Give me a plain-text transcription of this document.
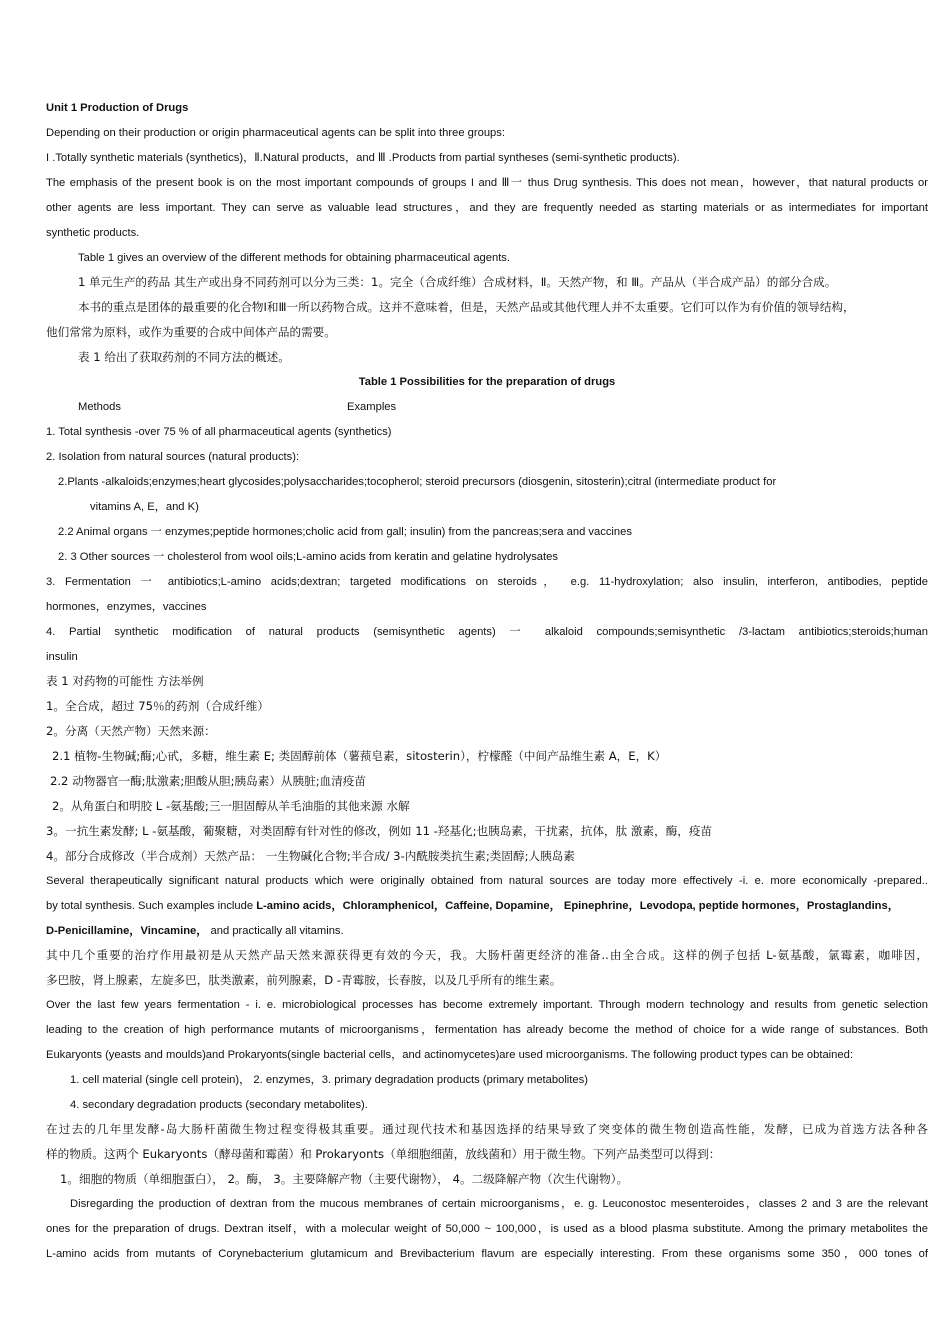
Unit 1 Production of Drugs
Depending on their production or origin pharmaceutical agents can be split into three groups:
I .Totally synthetic materials (synthetics)，Ⅱ.Natural products，and Ⅲ .Products from partial syntheses (semi-synthetic products).
The emphasis of the present book is on the most important compounds of groups I and Ⅲ一 thus Drug synthesis. This does not mean，however，that natural products or
other agents are less important. They can serve as valuable lead structures，and they are frequently needed as starting materials or as intermediates for important
synthetic products.
Table 1 gives an overview of the different methods for obtaining pharmaceutical agents.
1 单元生产的药品 其生产或出身不同药剂可以分为三类：1。完全（合成纤维）合成材料，Ⅱ。天然产物，和 Ⅲ。产品从（半合成产品）的部分合成。
本书的重点是团体的最重要的化合物Ⅰ和Ⅲ一所以药物合成。这并不意味着，但是，天然产品或其他代理人并不太重要。它们可以作为有价值的领导结构，
他们常常为原料，或作为重要的合成中间体产品的需要。
表 1 给出了获取药剂的不同方法的概述。
Table 1 Possibilities for the preparation of drugs
Methods	Examples
1. Total synthesis -over 75 % of all pharmaceutical agents (synthetics)
2. Isolation from natural sources (natural products):
2.Plants -alkaloids;enzymes;heart glycosides;polysaccharides;tocopherol; steroid precursors (diosgenin, sitosterin);citral (intermediate product for
vitamins A, E，and K)
2.2 Animal organs 一 enzymes;peptide hormones;cholic acid from gall; insulin) from the pancreas;sera and vaccines
2. 3 Other sources 一 cholesterol from wool oils;L-amino acids from keratin and gelatine hydrolysates
3. Fermentation 一 antibiotics;L-amino acids;dextran; targeted modifications on steroids， e.g. 11-hydroxylation; also insulin, interferon, antibodies, peptide
hormones，enzymes，vaccines
4. Partial synthetic modification of natural products (semisynthetic agents) 一 alkaloid compounds;semisynthetic /3-lactam antibiotics;steroids;human
insulin
表 1 对药物的可能性 方法举例
1。全合成，超过 75％的药剂（合成纤维）
2。分离（天然产物）天然来源：
2.1 植物-生物碱;酶;心甙，多糖，维生素 E; 类固醇前体（薯蓣皂素，sitosterin），柠檬醛（中间产品维生素 A，E，K）
2.2 动物器官一酶;肽激素;胆酸从胆;胰岛素）从胰脏;血清疫苗
2。从角蛋白和明胶 L -氨基酸;三一胆固醇从羊毛油脂的其他来源 水解
3。一抗生素发酵; L -氨基酸，葡聚糖，对类固醇有针对性的修改，例如 11 -羟基化;也胰岛素，干扰素，抗体，肽 激素，酶，疫苗
4。部分合成修改（半合成剂）天然产品： 一生物碱化合物;半合成/ 3-内酰胺类抗生素;类固醇;人胰岛素
Several therapeutically significant natural products which were originally obtained from natural sources are today more effectively -i. e. more economically -prepared..
by total synthesis. Such examples include L-amino acids，Chloramphenicol，Caffeine, Dopamine， Epinephrine，Levodopa, peptide hormones，Prostaglandins，
D-Penicillamine，Vincamine， and practically all vitamins.
其中几个重要的治疗作用最初是从天然产品天然来源获得更有效的今天，我。大肠杆菌更经济的准备..由全合成。这样的例子包括 L-氨基酸，氯霉素，咖啡因，
多巴胺，肾上腺素，左旋多巴，肽类激素，前列腺素，D -青霉胺，长春胺，以及几乎所有的维生素。
Over the last few years fermentation - i. e. microbiological processes has become extremely important. Through modern technology and results from genetic selection
leading to the creation of high performance mutants of microorganisms，fermentation has already become the method of choice for a wide range of substances. Both
Eukaryonts (yeasts and moulds)and Prokaryonts(single bacterial cells，and actinomycetes)are used microorganisms. The following product types can be obtained:
1. cell material (single cell protein)， 2. enzymes，3. primary degradation products (primary metabolites)
4. secondary degradation products (secondary metabolites).
在过去的几年里发酵-岛大肠杆菌微生物过程变得极其重要。通过现代技术和基因选择的结果导致了突变体的微生物创造高性能，发酵，已成为首选方法各种各
样的物质。这两个 Eukaryonts（酵母菌和霉菌）和 Prokaryonts（单细胞细菌，放线菌和）用于微生物。下列产品类型可以得到：
1。细胞的物质（单细胞蛋白）， 2。酶， 3。主要降解产物（主要代谢物）， 4。二级降解产物（次生代谢物）。
Disregarding the production of dextran from the mucous membranes of certain microorganisms，e. g. Leuconostoc mesenteroides，classes 2 and 3 are the relevant
ones for the preparation of drugs. Dextran itself，with a molecular weight of 50,000 ~ 100,000，is used as a blood plasma substitute. Among the primary metabolites the
L-amino acids from mutants of Corynebacterium glutamicum and Brevibacterium flavum are especially interesting. From these organisms some 350，000 tones of
